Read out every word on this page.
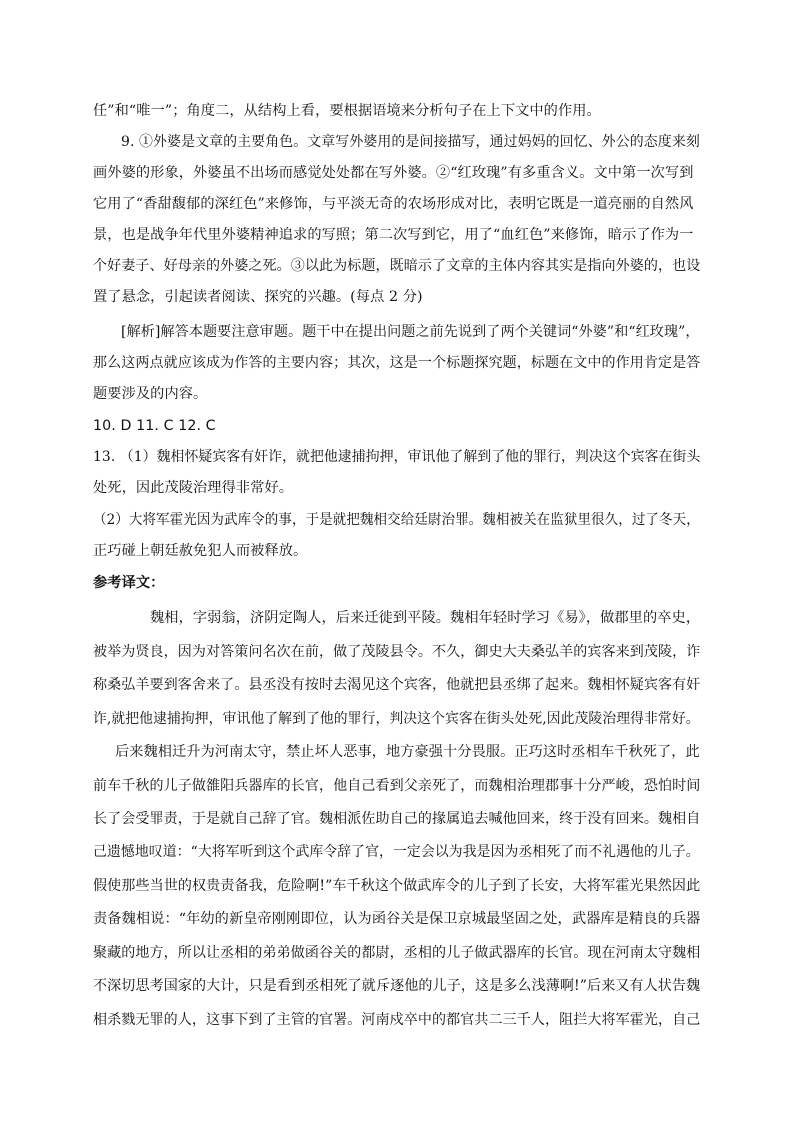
任”和“唯一”；角度二，从结构上看，要根据语境来分析句子在上下文中的作用。
9. ①外婆是文章的主要角色。文章写外婆用的是间接描写，通过妈妈的回忆、外公的态度来刻
画外婆的形象，外婆虽不出场而感觉处处都在写外婆。②“红玫瑰”有多重含义。文中第一次写到
它用了“香甜馥郁的深红色”来修饰，与平淡无奇的农场形成对比，表明它既是一道亮丽的自然风
景，也是战争年代里外婆精神追求的写照；第二次写到它，用了“血红色”来修饰，暗示了作为一
个好妻子、好母亲的外婆之死。③以此为标题，既暗示了文章的主体内容其实是指向外婆的，也设
置了悬念，引起读者阅读、探究的兴趣。(每点 2 分)
[解析]解答本题要注意审题。题干中在提出问题之前先说到了两个关键词“外婆”和“红玫瑰”，
那么这两点就应该成为作答的主要内容；其次，这是一个标题探究题，标题在文中的作用肯定是答
题要涉及的内容。
10. D 11. C 12. C
13. （1）魏相怀疑宾客有奸诈，就把他逮捕拘押，审讯他了解到了他的罪行，判决这个宾客在街头
处死，因此茂陵治理得非常好。
（2）大将军霍光因为武库令的事，于是就把魏相交给廷尉治罪。魏相被关在监狱里很久，过了冬天，
正巧碰上朝廷赦免犯人而被释放。
参考译文：
魏相，字弱翁，济阴定陶人，后来迁徙到平陵。魏相年轻时学习《易》，做郡里的卒史，
被举为贤良，因为对答策问名次在前，做了茂陵县令。不久，御史大夫桑弘羊的宾客来到茂陵，诈
称桑弘羊要到客舍来了。县丞没有按时去渴见这个宾客，他就把县丞绑了起来。魏相怀疑宾客有奸
诈,就把他逮捕拘押，审讯他了解到了他的罪行，判决这个宾客在街头处死,因此茂陵治理得非常好。
后来魏相迁升为河南太守，禁止坏人恶事，地方豪强十分畏服。正巧这时丞相车千秋死了，此
前车千秋的儿子做雒阳兵器库的长官，他自己看到父亲死了，而魏相治理郡事十分严峻，恐怕时间
长了会受罪责，于是就自己辞了官。魏相派佐助自己的掾属追去喊他回来，终于没有回来。魏相自
己遗憾地叹道：“大将军听到这个武库令辞了官，一定会以为我是因为丞相死了而不礼遇他的儿子。
假使那些当世的权贵责备我，危险啊!”车千秋这个做武库令的儿子到了长安，大将军霍光果然因此
责备魏相说：“年幼的新皇帝刚刚即位，认为函谷关是保卫京城最坚固之处，武器库是精良的兵器
聚藏的地方，所以让丞相的弟弟做函谷关的都尉，丞相的儿子做武器库的长官。现在河南太守魏相
不深切思考国家的大计，只是看到丞相死了就斥逐他的儿子，这是多么浅薄啊!”后来又有人状告魏
相杀戮无罪的人，这事下到了主管的官署。河南戍卒中的都官共二三千人，阻拦大将军霍光，自己
